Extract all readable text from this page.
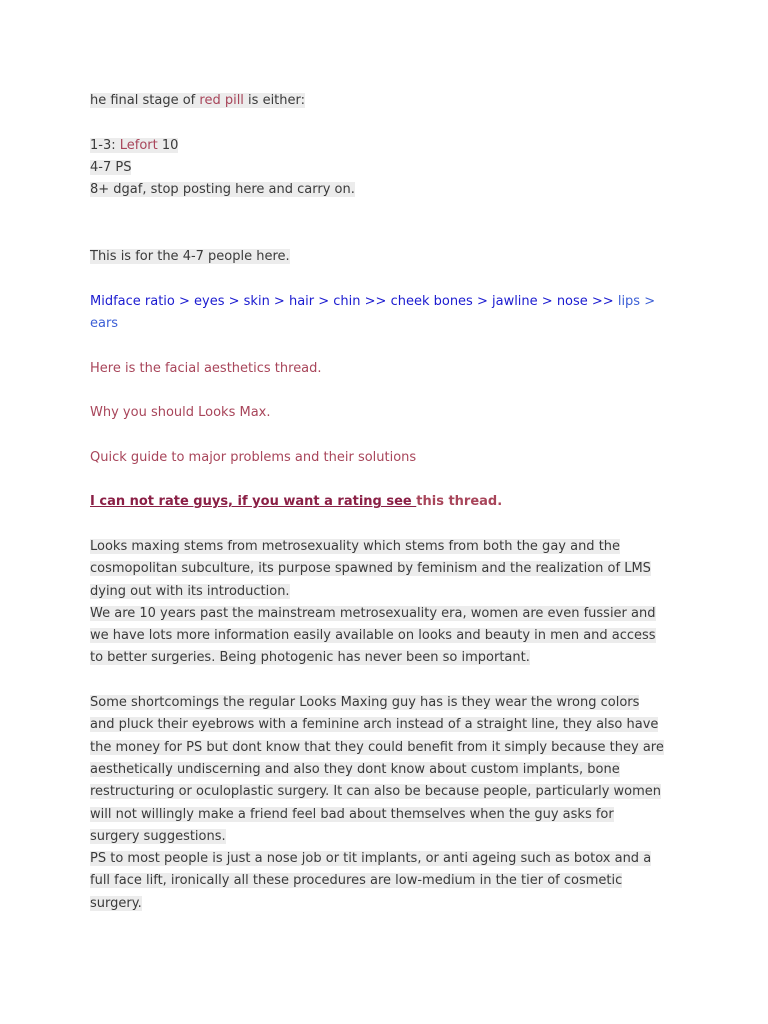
he final stage of red pill is either:
1-3: Lefort 10
4-7 PS
8+ dgaf, stop posting here and carry on.
This is for the 4-7 people here.
Midface ratio > eyes > skin > hair > chin >> cheek bones > jawline > nose >> lips >
ears
Here is the facial aesthetics thread.
Why you should Looks Max.
Quick guide to major problems and their solutions
I can not rate guys, if you want a rating see this thread.
Looks maxing stems from metrosexuality which stems from both the gay and the
cosmopolitan subculture, its purpose spawned by feminism and the realization of LMS
dying out with its introduction.
We are 10 years past the mainstream metrosexuality era, women are even fussier and
we have lots more information easily available on looks and beauty in men and access
to better surgeries. Being photogenic has never been so important.
Some shortcomings the regular Looks Maxing guy has is they wear the wrong colors
and pluck their eyebrows with a feminine arch instead of a straight line, they also have
the money for PS but dont know that they could benefit from it simply because they are
aesthetically undiscerning and also they dont know about custom implants, bone
restructuring or oculoplastic surgery. It can also be because people, particularly women
will not willingly make a friend feel bad about themselves when the guy asks for
surgery suggestions.
PS to most people is just a nose job or tit implants, or anti ageing such as botox and a
full face lift, ironically all these procedures are low-medium in the tier of cosmetic
surgery.
